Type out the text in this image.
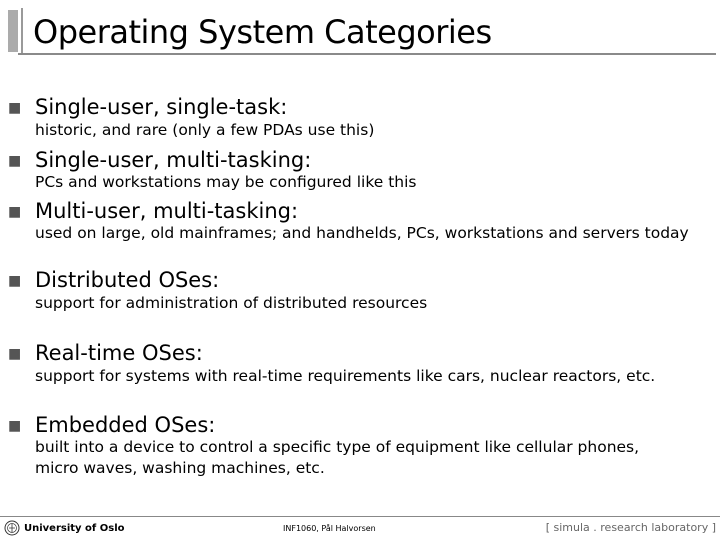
Operating System Categories
■
Single-user, single-task:
historic, and rare (only a few PDAs use this)
■
Single-user, multi-tasking:
PCs and workstations may be configured like this
■
Multi-user, multi-tasking:
used on large, old mainframes; and handhelds, PCs, workstations and servers today
■
Distributed OSes:
support for administration of distributed resources
■
Real-time OSes:
support for systems with real-time requirements like cars, nuclear reactors, etc.
■
Embedded OSes:
built into a device to control a specific type of equipment like cellular phones,
micro waves, washing machines, etc.
University of Oslo	INF1060, Pål Halvorsen	[ simula . research laboratory ]
